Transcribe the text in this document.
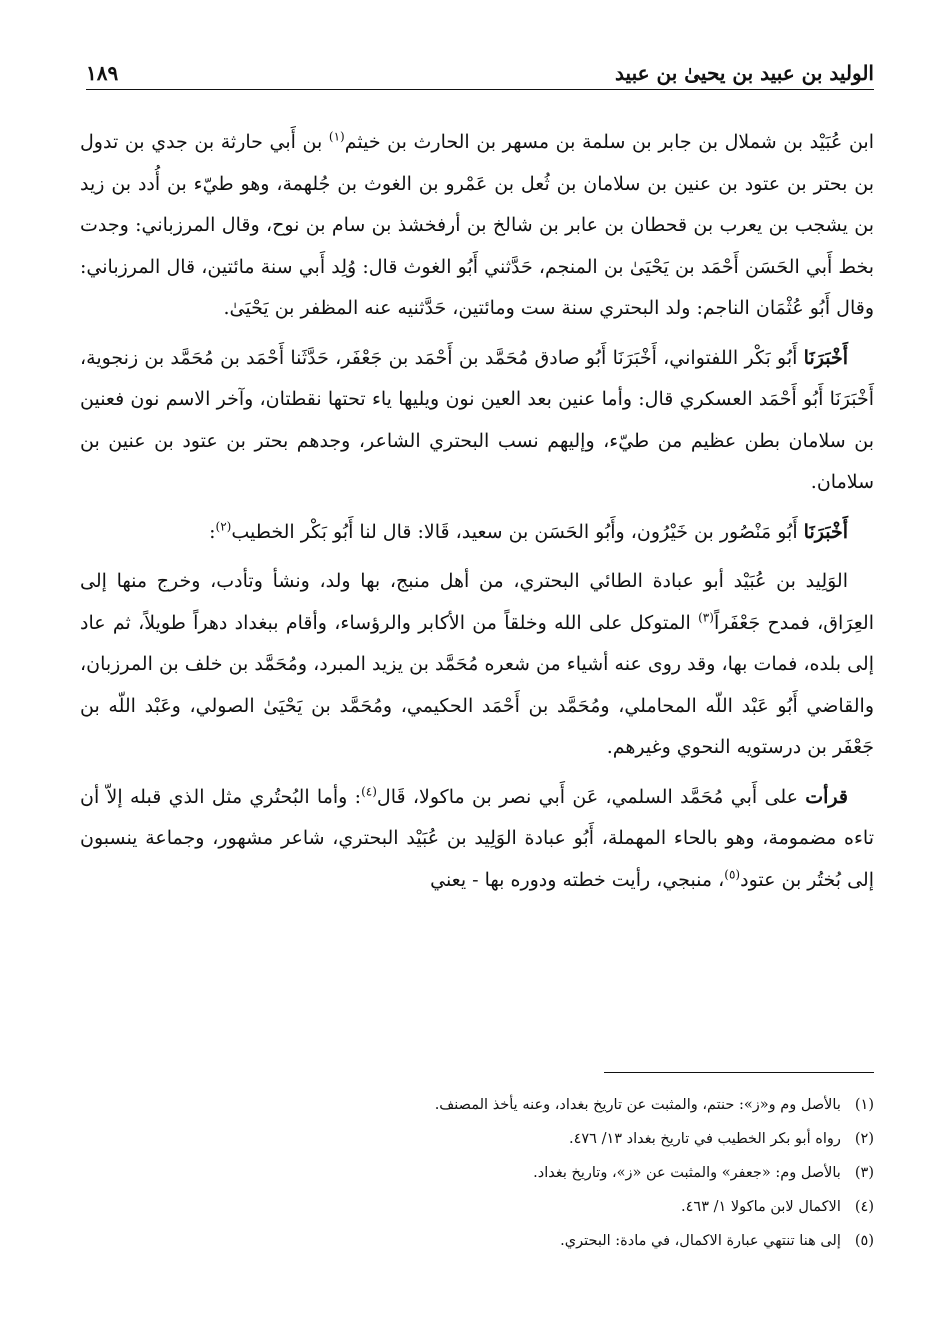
١٨٩	الوليد بن عبيد بن يحيىٰ بن عبيد

ابن عُبَيْد بن شملال بن جابر بن سلمة بن مسهر بن الحارث بن خيثم$^{(١)}$ بن أَبي حارثة بن جدي بن تدول بن بحتر بن عتود بن عنين بن سلامان بن ثُعل بن عَمْرو بن الغوث بن جُلهمة، وهو طيّء بن أُدد بن زيد بن يشجب بن يعرب بن قحطان بن عابر بن شالخ بن أرفخشذ بن سام بن نوح، وقال المرزباني: وجدت بخط أَبي الحَسَن أَحْمَد بن يَحْيَىٰ بن المنجم، حَدَّثني أَبُو الغوث قال: وُلِد أَبي سنة مائتين، قال المرزباني: وقال أَبُو عُثْمَان الناجم: ولد البحتري سنة ست ومائتين، حَدَّثنيه عنه المظفر بن يَحْيَىٰ.

أَخْبَرَنَا أَبُو بَكْر اللفتواني، أَخْبَرَنَا أَبُو صادق مُحَمَّد بن أَحْمَد بن جَعْفَر، حَدَّثَنا أَحْمَد بن مُحَمَّد بن زنجوية، أَخْبَرَنَا أَبُو أَحْمَد العسكري قال: وأما عنين بعد العين نون ويليها ياء تحتها نقطتان، وآخر الاسم نون فعنين بن سلامان بطن عظيم من طيّء، وإليهم نسب البحتري الشاعر، وجدهم بحتر بن عتود بن عنين بن سلامان.

أَخْبَرَنَا أَبُو مَنْصُور بن خَيْرُون، وأَبُو الحَسَن بن سعيد، قَالا: قال لنا أَبُو بَكْر الخطيب$^{(٢)}$:

الوَلِيد بن عُبَيْد أبو عبادة الطائي البحتري، من أهل منبج، بها ولد، ونشأ وتأدب، وخرج منها إلى العِرَاق، فمدح جَعْفَراً$^{(٣)}$ المتوكل على الله وخلقاً من الأكابر والرؤساء، وأقام ببغداد دهراً طويلاً، ثم عاد إلى بلده، فمات بها، وقد روى عنه أشياء من شعره مُحَمَّد بن يزيد المبرد، ومُحَمَّد بن خلف بن المرزبان، والقاضي أَبُو عَبْد اللّه المحاملي، ومُحَمَّد بن أَحْمَد الحكيمي، ومُحَمَّد بن يَحْيَىٰ الصولي، وعَبْد اللّه بن جَعْفَر بن درستويه النحوي وغيرهم.

قرأت على أَبي مُحَمَّد السلمي، عَن أَبي نصر بن ماكولا، قَال$^{(٤)}$: وأما البُحتُري مثل الذي قبله إلاّ أن تاءه مضمومة، وهو بالحاء المهملة، أَبُو عبادة الوَلِيد بن عُبَيْد البحتري، شاعر مشهور، وجماعة ينسبون إلى بُختُر بن عتود$^{(٥)}$، منبجي، رأيت خطته ودوره بها - يعني

(١)
بالأصل وم و«ز»: حنتم، والمثبت عن تاريخ بغداد، وعنه يأخذ المصنف.
(٢)
رواه أبو بكر الخطيب في تاريخ بغداد ١٣/ ٤٧٦.
(٣)
بالأصل وم: «جعفر» والمثبت عن «ز»، وتاريخ بغداد.
(٤)
الاكمال لابن ماكولا ١/ ٤٦٣.
(٥)
إلى هنا تنتهي عبارة الاكمال، في مادة: البحتري.
